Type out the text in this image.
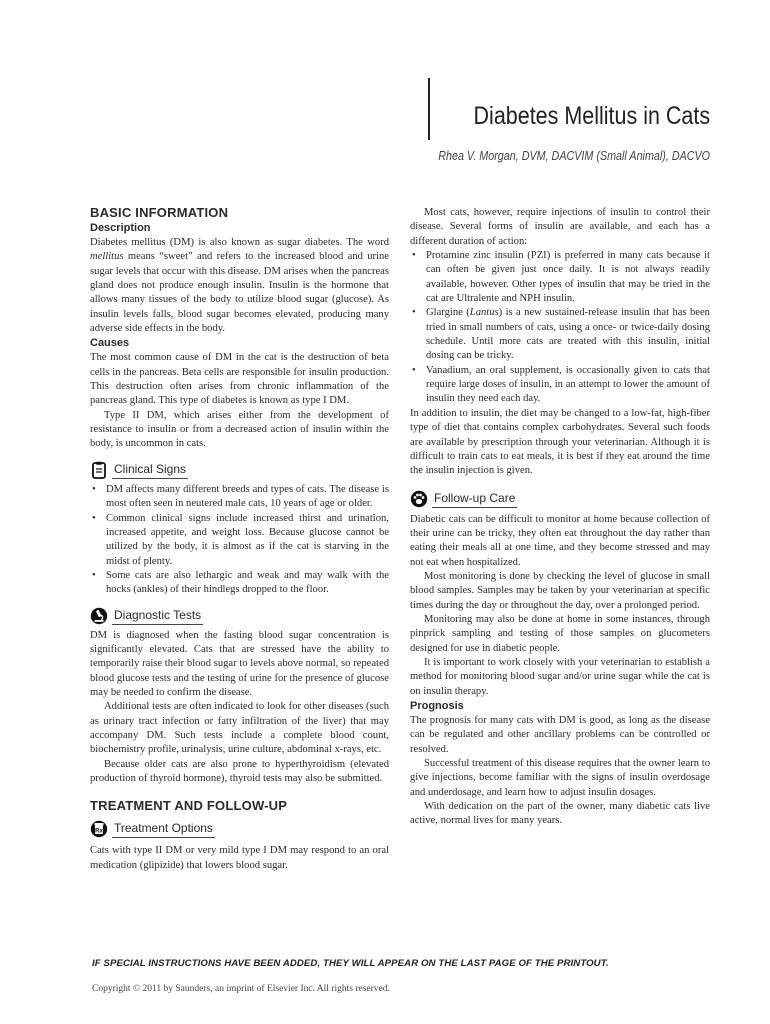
Diabetes Mellitus in Cats
Rhea V. Morgan, DVM, DACVIM (Small Animal), DACVO
BASIC INFORMATION
Description

Diabetes mellitus (DM) is also known as sugar diabetes. The word mellitus means “sweet” and refers to the increased blood and urine sugar levels that occur with this disease. DM arises when the pancreas gland does not produce enough insulin. Insulin is the hormone that allows many tissues of the body to utilize blood sugar (glucose). As insulin levels falls, blood sugar becomes elevated, producing many adverse side effects in the body.

Causes

The most common cause of DM in the cat is the destruction of beta cells in the pancreas. Beta cells are responsible for insulin production. This destruction often arises from chronic inflammation of the pancreas gland. This type of diabetes is known as type I DM.

Type II DM, which arises either from the development of resistance to insulin or from a decreased action of insulin within the body, is uncommon in cats.

Clinical Signs
• DM affects many different breeds and types of cats. The disease is most often seen in neutered male cats, 10 years of age or older.
• Common clinical signs include increased thirst and urination, increased appetite, and weight loss. Because glucose cannot be utilized by the body, it is almost as if the cat is starving in the midst of plenty.
• Some cats are also lethargic and weak and may walk with the hocks (ankles) of their hindlegs dropped to the floor.
Diagnostic Tests

DM is diagnosed when the fasting blood sugar concentration is significantly elevated. Cats that are stressed have the ability to temporarily raise their blood sugar to levels above normal, so repeated blood glucose tests and the testing of urine for the presence of glucose may be needed to confirm the disease.

Additional tests are often indicated to look for other diseases (such as urinary tract infection or fatty infiltration of the liver) that may accompany DM. Such tests include a complete blood count, biochemistry profile, urinalysis, urine culture, abdominal x-rays, etc.

Because older cats are also prone to hyperthyroidism (elevated production of thyroid hormone), thyroid tests may also be submitted.

TREATMENT AND FOLLOW-UP
Rx Treatment Options

Cats with type II DM or very mild type I DM may respond to an oral medication (glipizide) that lowers blood sugar.

Most cats, however, require injections of insulin to control their disease. Several forms of insulin are available, and each has a different duration of action:

• Protamine zinc insulin (PZI) is preferred in many cats because it can often be given just once daily. It is not always readily available, however. Other types of insulin that may be tried in the cat are Ultralente and NPH insulin.
• Glargine (Lantus) is a new sustained-release insulin that has been tried in small numbers of cats, using a once- or twice-daily dosing schedule. Until more cats are treated with this insulin, initial dosing can be tricky.
• Vanadium, an oral supplement, is occasionally given to cats that require large doses of insulin, in an attempt to lower the amount of insulin they need each day.

In addition to insulin, the diet may be changed to a low-fat, high-fiber type of diet that contains complex carbohydrates. Several such foods are available by prescription through your veterinarian. Although it is difficult to train cats to eat meals, it is best if they eat around the time the insulin injection is given.

Follow-up Care

Diabetic cats can be difficult to monitor at home because collection of their urine can be tricky, they often eat throughout the day rather than eating their meals all at one time, and they become stressed and may not eat when hospitalized.

Most monitoring is done by checking the level of glucose in small blood samples. Samples may be taken by your veterinarian at specific times during the day or throughout the day, over a prolonged period.

Monitoring may also be done at home in some instances, through pinprick sampling and testing of those samples on glucometers designed for use in diabetic people.

It is important to work closely with your veterinarian to establish a method for monitoring blood sugar and/or urine sugar while the cat is on insulin therapy.

Prognosis

The prognosis for many cats with DM is good, as long as the disease can be regulated and other ancillary problems can be controlled or resolved.

Successful treatment of this disease requires that the owner learn to give injections, become familiar with the signs of insulin overdosage and underdosage, and learn how to adjust insulin dosages.

With dedication on the part of the owner, many diabetic cats live active, normal lives for many years.

IF SPECIAL INSTRUCTIONS HAVE BEEN ADDED, THEY WILL APPEAR ON THE LAST PAGE OF THE PRINTOUT.
Copyright © 2011 by Saunders, an imprint of Elsevier Inc. All rights reserved.
